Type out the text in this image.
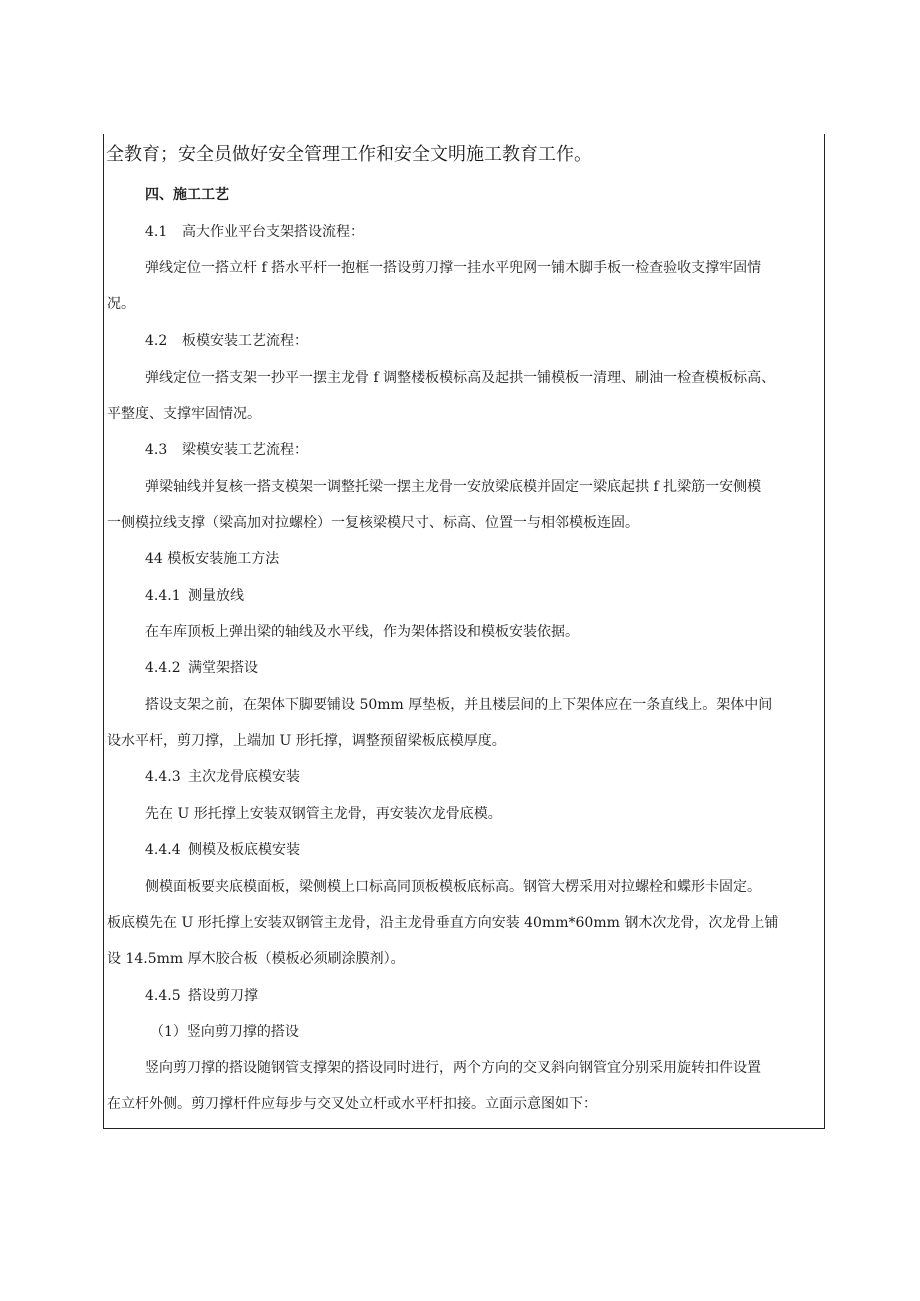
全教育；安全员做好安全管理工作和安全文明施工教育工作。
四、施工工艺
4.1 高大作业平台支架搭设流程：
弹线定位一搭立杆 f 搭水平杆一抱框一搭设剪刀撑一挂水平兜网一铺木脚手板一检查验收支撑牢固情
况。
4.2 板模安装工艺流程：
弹线定位一搭支架一抄平一摆主龙骨 f 调整楼板模标高及起拱一铺模板一清理、刷油一检查模板标高、
平整度、支撑牢固情况。
4.3 梁模安装工艺流程：
弹梁轴线并复核一搭支模架一调整托梁一摆主龙骨一安放梁底模并固定一梁底起拱 f 扎梁筋一安侧模
一侧模拉线支撑（梁高加对拉螺栓）一复核梁模尺寸、标高、位置一与相邻模板连固。
44 模板安装施工方法
4.4.1 测量放线
在车库顶板上弹出梁的轴线及水平线，作为架体搭设和模板安装依据。
4.4.2 满堂架搭设
搭设支架之前，在架体下脚要铺设 50mm 厚垫板，并且楼层间的上下架体应在一条直线上。架体中间
设水平杆，剪刀撑，上端加 U 形托撑，调整预留梁板底模厚度。
4.4.3 主次龙骨底模安装
先在 U 形托撑上安装双钢管主龙骨，再安装次龙骨底模。
4.4.4 侧模及板底模安装
侧模面板要夹底模面板，梁侧模上口标高同顶板模板底标高。钢管大楞采用对拉螺栓和蝶形卡固定。
板底模先在 U 形托撑上安装双钢管主龙骨，沿主龙骨垂直方向安装 40mm*60mm 钢木次龙骨，次龙骨上铺
设 14.5mm 厚木胶合板（模板必须刷涂膜剂）。
4.4.5 搭设剪刀撑
（1）竖向剪刀撑的搭设
竖向剪刀撑的搭设随钢管支撑架的搭设同时进行，两个方向的交叉斜向钢管宜分别采用旋转扣件设置
在立杆外侧。剪刀撑杆件应每步与交叉处立杆或水平杆扣接。立面示意图如下：
